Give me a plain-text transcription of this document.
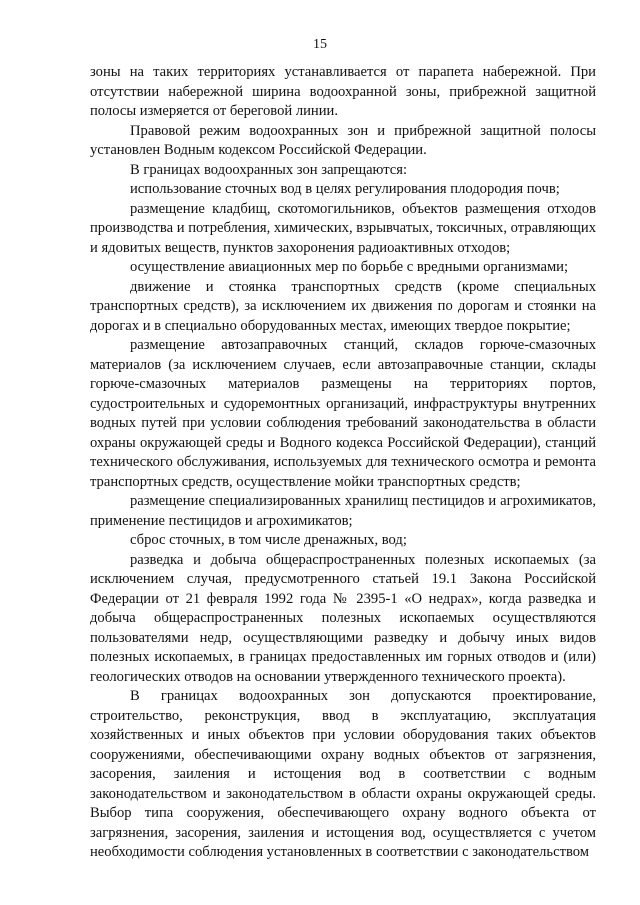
15

зоны на таких территориях устанавливается от парапета набережной. При отсутствии набережной ширина водоохранной зоны, прибрежной защитной полосы измеряется от береговой линии.

Правовой режим водоохранных зон и прибрежной защитной полосы установлен Водным кодексом Российской Федерации.

В границах водоохранных зон запрещаются:

использование сточных вод в целях регулирования плодородия почв;

размещение кладбищ, скотомогильников, объектов размещения отходов производства и потребления, химических, взрывчатых, токсичных, отравляющих и ядовитых веществ, пунктов захоронения радиоактивных отходов;

осуществление авиационных мер по борьбе с вредными организмами;

движение и стоянка транспортных средств (кроме специальных транспортных средств), за исключением их движения по дорогам и стоянки на дорогах и в специально оборудованных местах, имеющих твердое покрытие;

размещение автозаправочных станций, складов горюче-смазочных материалов (за исключением случаев, если автозаправочные станции, склады горюче-смазочных материалов размещены на территориях портов, судостроительных и судоремонтных организаций, инфраструктуры внутренних водных путей при условии соблюдения требований законодательства в области охраны окружающей среды и Водного кодекса Российской Федерации), станций технического обслуживания, используемых для технического осмотра и ремонта транспортных средств, осуществление мойки транспортных средств;

размещение специализированных хранилищ пестицидов и агрохимикатов, применение пестицидов и агрохимикатов;

сброс сточных, в том числе дренажных, вод;

разведка и добыча общераспространенных полезных ископаемых (за исключением случая, предусмотренного статьей 19.1 Закона Российской Федерации от 21 февраля 1992 года № 2395-1 «О недрах», когда разведка и добыча общераспространенных полезных ископаемых осуществляются пользователями недр, осуществляющими разведку и добычу иных видов полезных ископаемых, в границах предоставленных им горных отводов и (или) геологических отводов на основании утвержденного технического проекта).

В границах водоохранных зон допускаются проектирование, строительство, реконструкция, ввод в эксплуатацию, эксплуатация хозяйственных и иных объектов при условии оборудования таких объектов сооружениями, обеспечивающими охрану водных объектов от загрязнения, засорения, заиления и истощения вод в соответствии с водным законодательством и законодательством в области охраны окружающей среды. Выбор типа сооружения, обеспечивающего охрану водного объекта от загрязнения, засорения, заиления и истощения вод, осуществляется с учетом необходимости соблюдения установленных в соответствии с законодательством
